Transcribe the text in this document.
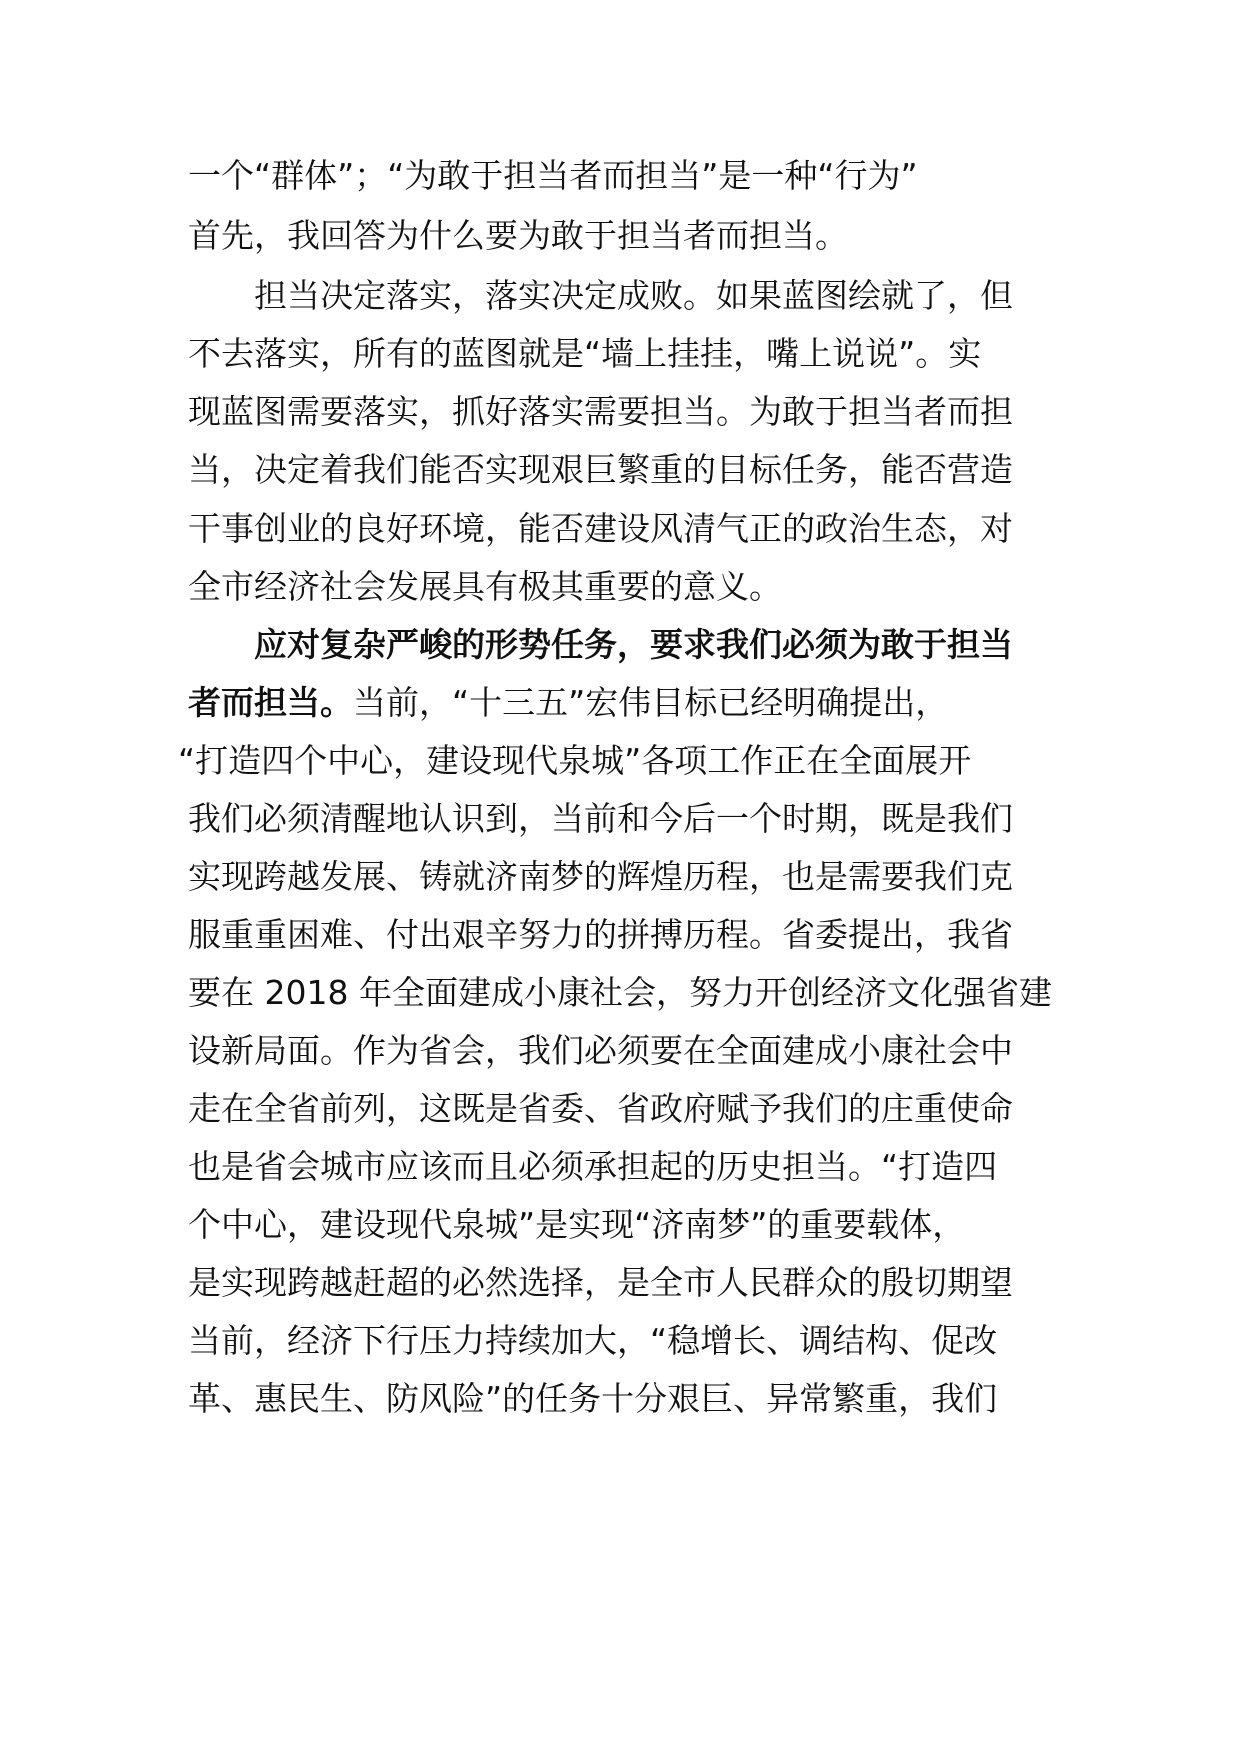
一个“群体”；“为敢于担当者而担当”是一种“行为”
首先，我回答为什么要为敢于担当者而担当。
担当决定落实，落实决定成败。如果蓝图绘就了，但
不去落实，所有的蓝图就是“墙上挂挂，嘴上说说”。实
现蓝图需要落实，抓好落实需要担当。为敢于担当者而担
当，决定着我们能否实现艰巨繁重的目标任务，能否营造
干事创业的良好环境，能否建设风清气正的政治生态，对
全市经济社会发展具有极其重要的意义。
应对复杂严峻的形势任务，要求我们必须为敢于担当
者而担当。当前，“十三五”宏伟目标已经明确提出，
“打造四个中心，建设现代泉城”各项工作正在全面展开
我们必须清醒地认识到，当前和今后一个时期，既是我们
实现跨越发展、铸就济南梦的辉煌历程，也是需要我们克
服重重困难、付出艰辛努力的拼搏历程。省委提出，我省
要在 2018 年全面建成小康社会，努力开创经济文化强省建
设新局面。作为省会，我们必须要在全面建成小康社会中
走在全省前列，这既是省委、省政府赋予我们的庄重使命
也是省会城市应该而且必须承担起的历史担当。“打造四
个中心，建设现代泉城”是实现“济南梦”的重要载体，
是实现跨越赶超的必然选择，是全市人民群众的殷切期望
当前，经济下行压力持续加大，“稳增长、调结构、促改
革、惠民生、防风险”的任务十分艰巨、异常繁重，我们
